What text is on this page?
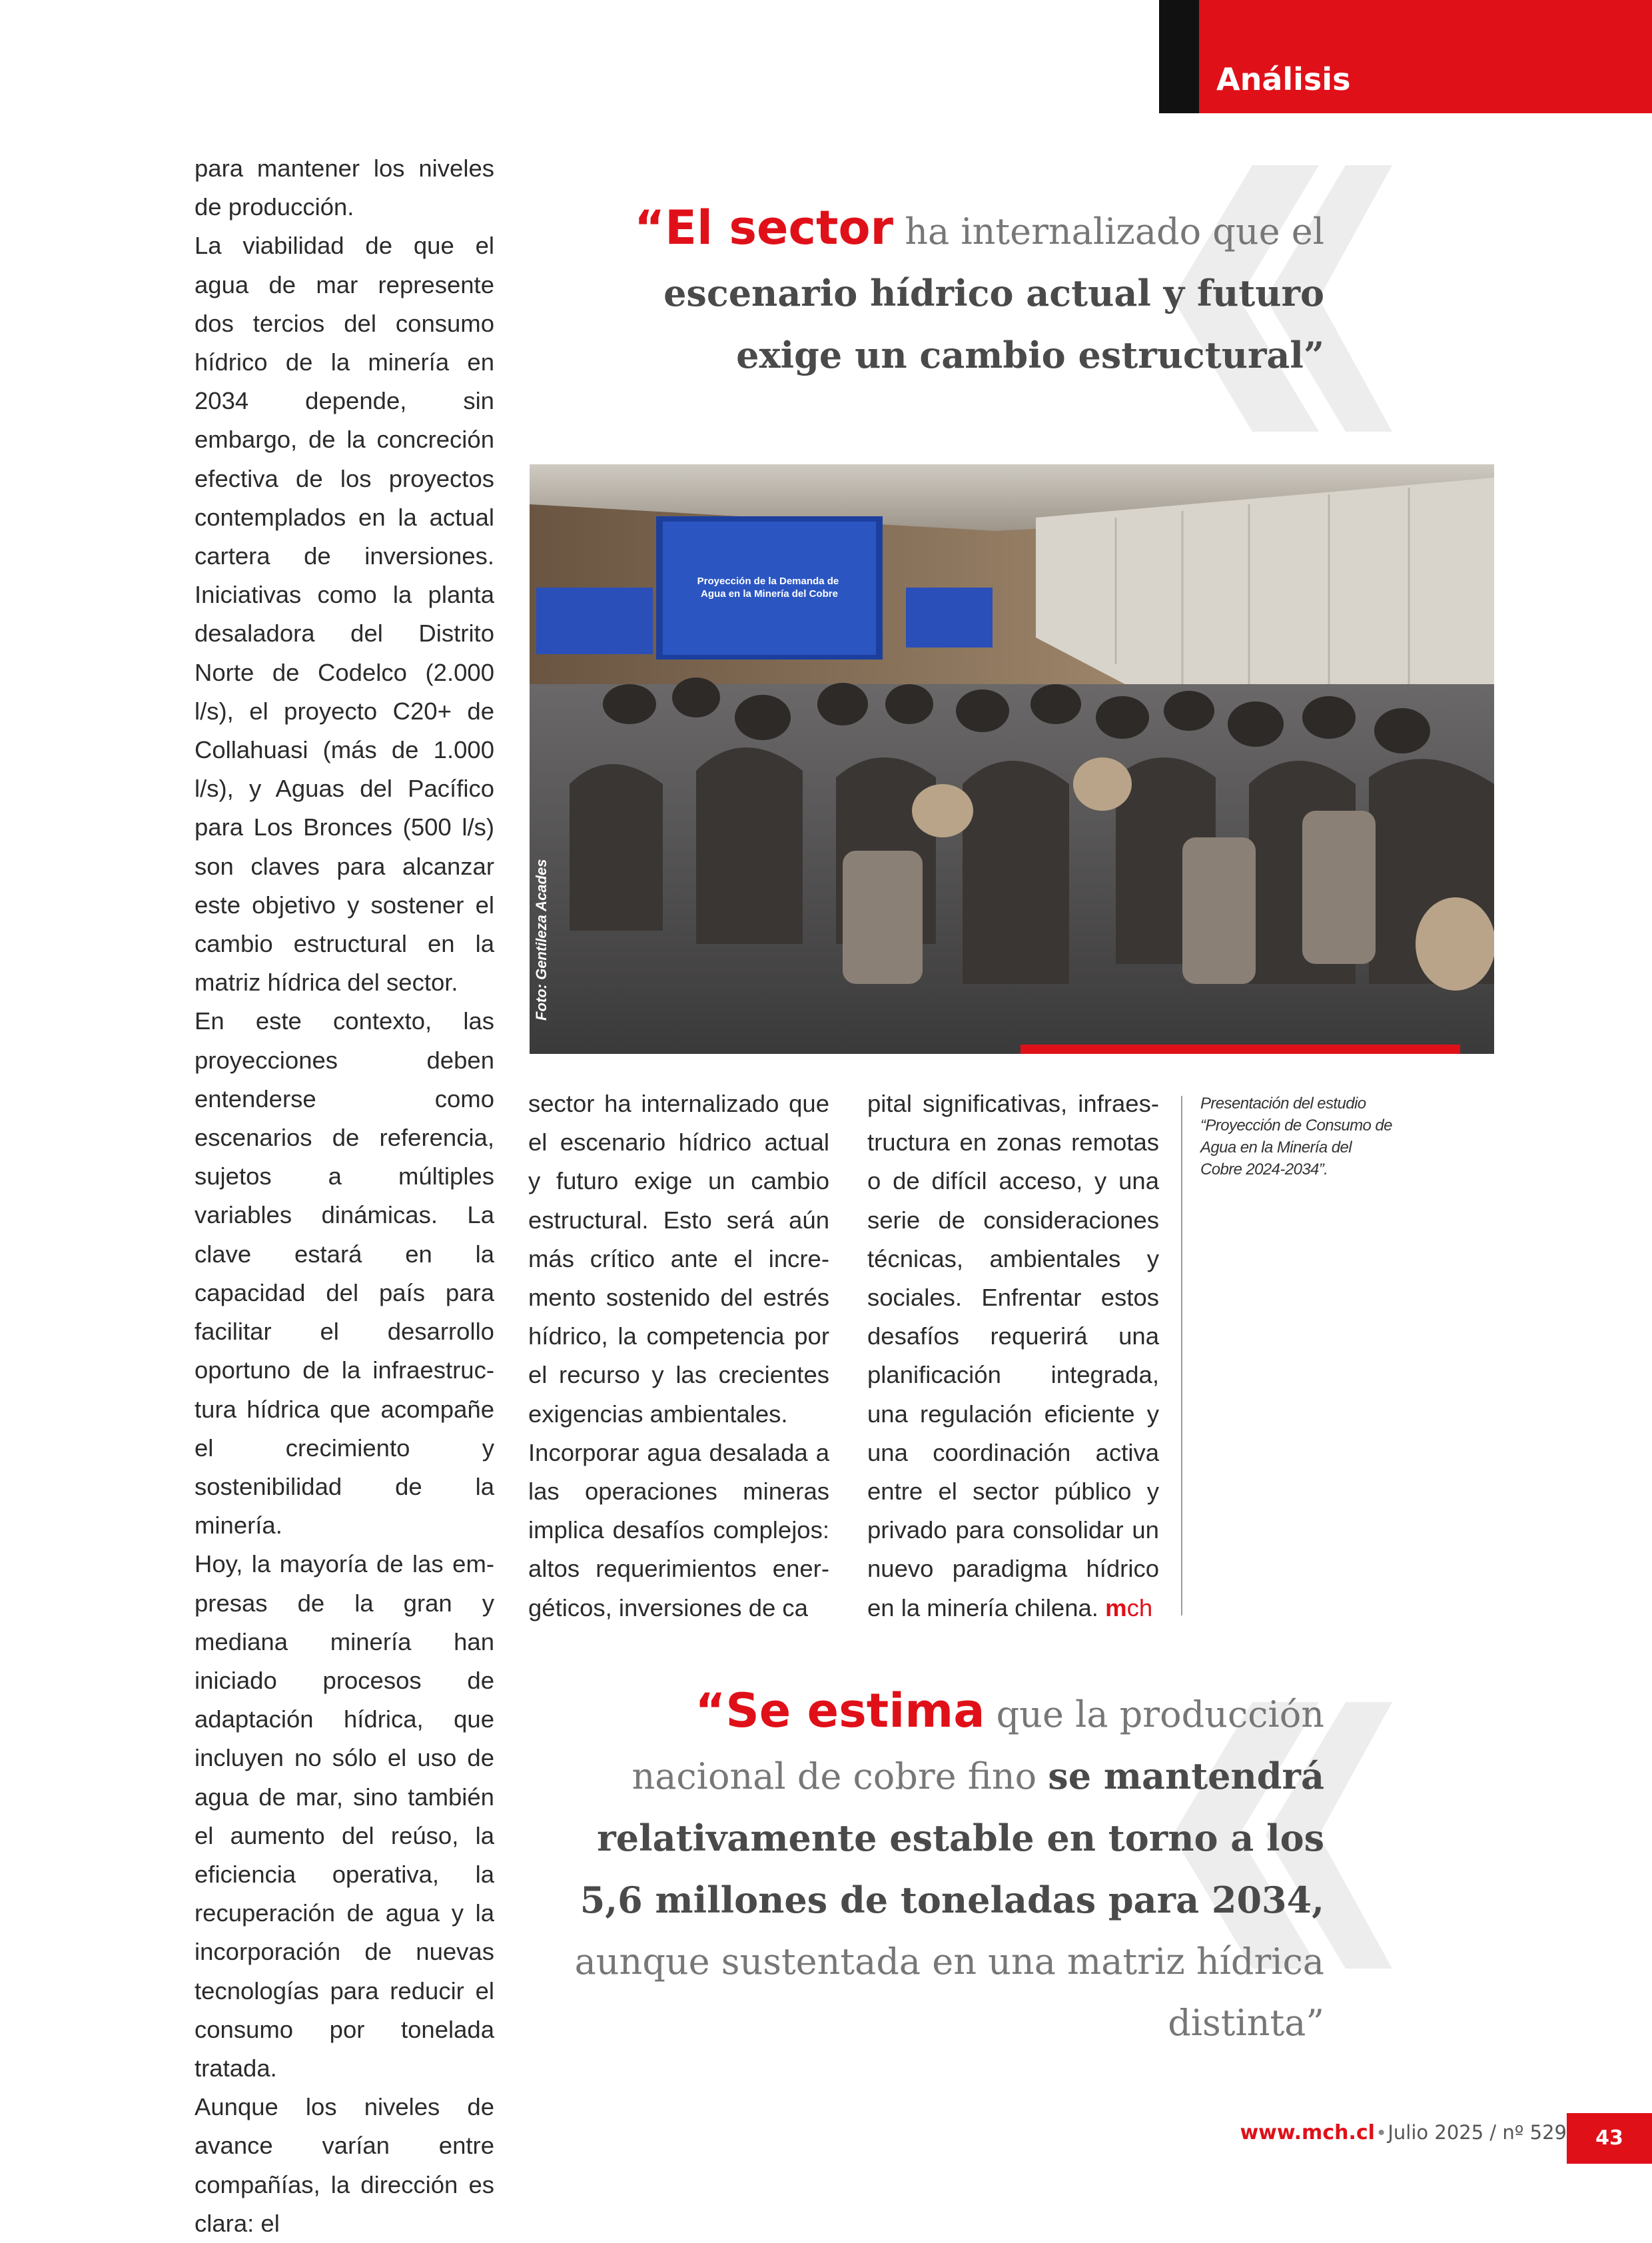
Análisis
“El sector ha internalizado que el escenario hídrico actual y futuro exige un cambio estructural”

para mantener los niveles de producción.

La viabilidad de que el agua de mar represente dos tercios del consumo hídrico de la minería en 2034 depende, sin embargo, de la concreción efectiva de los proyectos contemplados en la actual cartera de inversiones. Iniciativas como la planta desaladora del Distrito Norte de Codelco (2.000 l/s), el proyecto C20+ de Collahuasi (más de 1.000 l/s), y Aguas del Pacífico para Los Bronces (500 l/s) son claves para alcanzar este objetivo y sostener el cambio estructural en la matriz hídrica del sector.

En este contexto, las proyecciones deben entenderse como escenarios de referencia, sujetos a múltiples variables dinámicas. La clave estará en la capacidad del país para facilitar el desarrollo oportuno de la infraestructura hídrica que acompañe el crecimiento y sostenibilidad de la minería.

Hoy, la mayoría de las empresas de la gran y mediana minería han iniciado procesos de adaptación hídrica, que incluyen no sólo el uso de agua de mar, sino también el aumento del reúso, la eficiencia operativa, la recuperación de agua y la incorporación de nuevas tecnologías para reducir el consumo por tonelada tratada.

Aunque los niveles de avance varían entre compañías, la dirección es clara: el

Proyección de la Demanda de Agua en la Minería del Cobre
Foto: Gentileza Acades

sector ha internalizado que el escenario hídrico actual y futuro exige un cambio estructural. Esto será aún más crítico ante el incremento sostenido del estrés hídrico, la competencia por el recurso y las crecientes exigencias ambientales.

Incorporar agua desalada a las operaciones mineras implica desafíos complejos: altos requerimientos energéticos, inversiones de ca

pital significativas, infraestructura en zonas remotas o de difícil acceso, y una serie de consideraciones técnicas, ambientales y sociales. Enfrentar estos desafíos requerirá una planificación integrada, una regulación eficiente y una coordinación activa entre el sector público y privado para consolidar un nuevo paradigma hídrico en la minería chilena. mch

Presentación del estudio “Proyección de Consumo de Agua en la Minería del Cobre 2024-2034”.
“Se estima que la producción nacional de cobre fino se mantendrá relativamente estable en torno a los 5,6 millones de toneladas para 2034, aunque sustentada en una matriz hídrica distinta”
www.mch.cl • Julio 2025 / nº 529	43
